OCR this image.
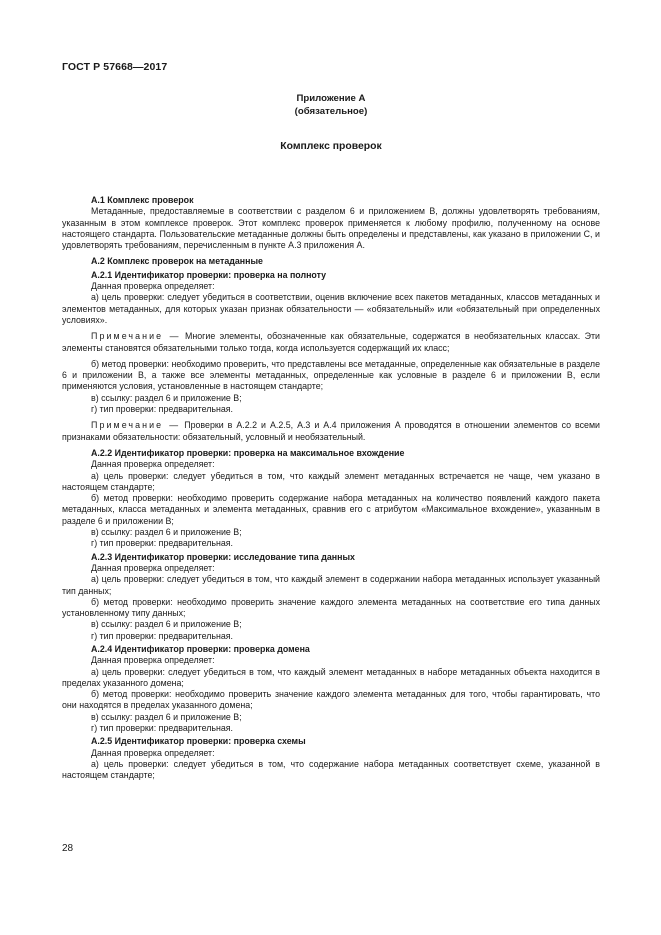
ГОСТ Р 57668—2017
Приложение А
(обязательное)
Комплекс проверок

А.1 Комплекс проверок

Метаданные, предоставляемые в соответствии с разделом 6 и приложением В, должны удовлетворять требованиям, указанным в этом комплексе проверок. Этот комплекс проверок применяется к любому профилю, полученному на основе настоящего стандарта. Пользовательские метаданные должны быть определены и представлены, как указано в приложении С, и удовлетворять требованиям, перечисленным в пункте А.3 приложения А.

А.2 Комплекс проверок на метаданные

А.2.1 Идентификатор проверки: проверка на полноту

Данная проверка определяет:

а) цель проверки: следует убедиться в соответствии, оценив включение всех пакетов метаданных, классов метаданных и элементов метаданных, для которых указан признак обязательности — «обязательный» или «обязательный при определенных условиях».

Примечание — Многие элементы, обозначенные как обязательные, содержатся в необязательных классах. Эти элементы становятся обязательными только тогда, когда используется содержащий их класс;

б) метод проверки: необходимо проверить, что представлены все метаданные, определенные как обязательные в разделе 6 и приложении В, а также все элементы метаданных, определенные как условные в разделе 6 и приложении В, если применяются условия, установленные в настоящем стандарте;

в) ссылку: раздел 6 и приложение В;

г) тип проверки: предварительная.

Примечание — Проверки в А.2.2 и А.2.5, А.3 и А.4 приложения А проводятся в отношении элементов со всеми признаками обязательности: обязательный, условный и необязательный.

А.2.2 Идентификатор проверки: проверка на максимальное вхождение

Данная проверка определяет:

а) цель проверки: следует убедиться в том, что каждый элемент метаданных встречается не чаще, чем указано в настоящем стандарте;

б) метод проверки: необходимо проверить содержание набора метаданных на количество появлений каждого пакета метаданных, класса метаданных и элемента метаданных, сравнив его с атрибутом «Максимальное вхождение», указанным в разделе 6 и приложении В;

в) ссылку: раздел 6 и приложение В;

г) тип проверки: предварительная.

А.2.3 Идентификатор проверки: исследование типа данных

Данная проверка определяет:

а) цель проверки: следует убедиться в том, что каждый элемент в содержании набора метаданных использует указанный тип данных;

б) метод проверки: необходимо проверить значение каждого элемента метаданных на соответствие его типа данных установленному типу данных;

в) ссылку: раздел 6 и приложение В;

г) тип проверки: предварительная.

А.2.4 Идентификатор проверки: проверка домена

Данная проверка определяет:

а) цель проверки: следует убедиться в том, что каждый элемент метаданных в наборе метаданных объекта находится в пределах указанного домена;

б) метод проверки: необходимо проверить значение каждого элемента метаданных для того, чтобы гарантировать, что они находятся в пределах указанного домена;

в) ссылку: раздел 6 и приложение В;

г) тип проверки: предварительная.

А.2.5 Идентификатор проверки: проверка схемы

Данная проверка определяет:

а) цель проверки: следует убедиться в том, что содержание набора метаданных соответствует схеме, указанной в настоящем стандарте;

28
